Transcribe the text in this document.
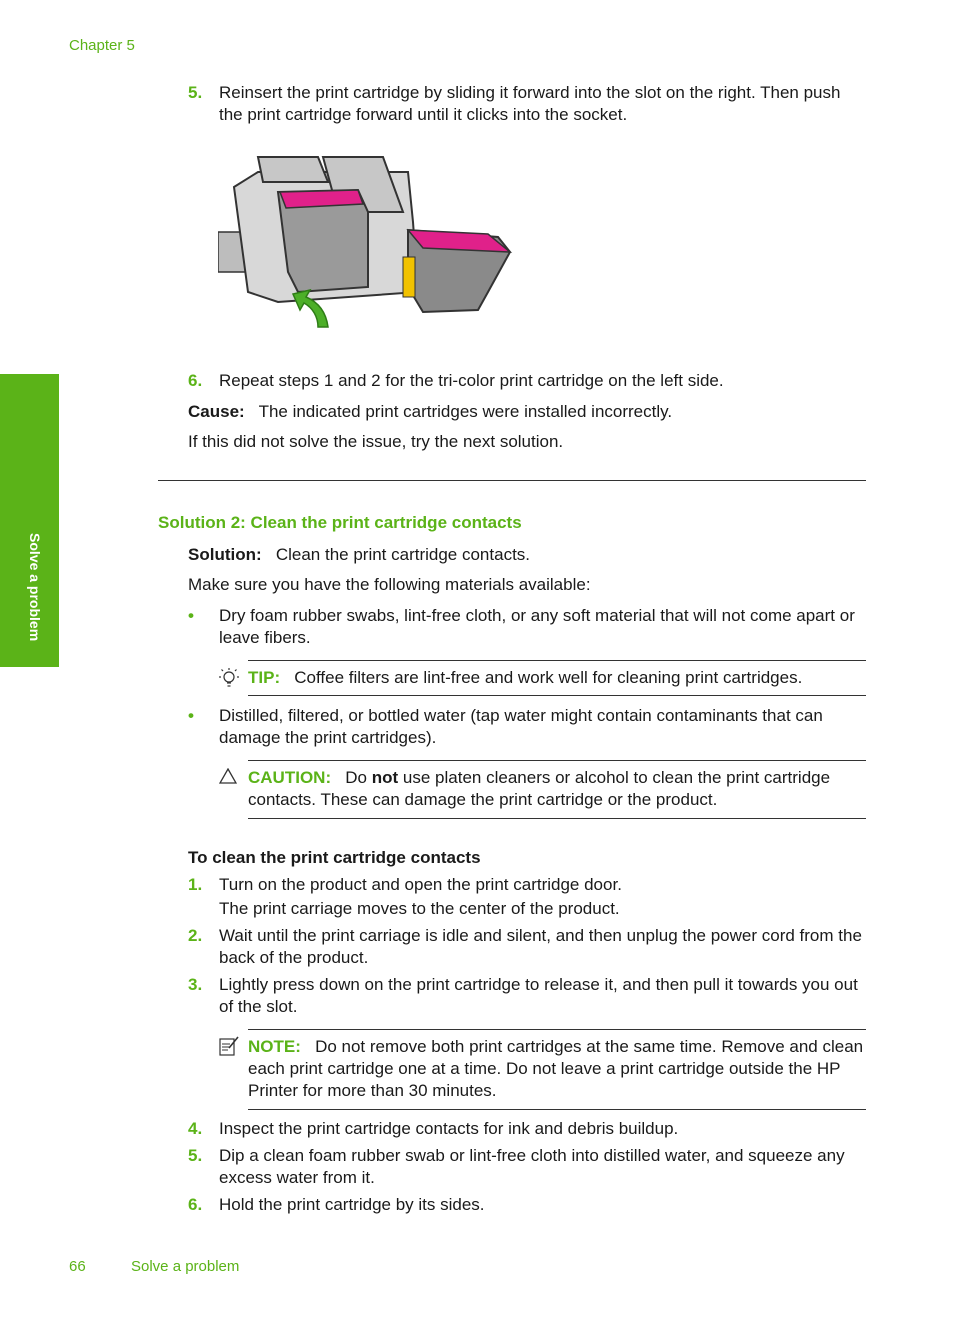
Chapter 5
Solve a problem
5. Reinsert the print cartridge by sliding it forward into the slot on the right. Then push the print cartridge forward until it clicks into the socket.
6. Repeat steps 1 and 2 for the tri-color print cartridge on the left side.
Cause: The indicated print cartridges were installed incorrectly.
If this did not solve the issue, try the next solution.
Solution 2: Clean the print cartridge contacts
Solution: Clean the print cartridge contacts.
Make sure you have the following materials available:
• Dry foam rubber swabs, lint-free cloth, or any soft material that will not come apart or leave fibers.
TIP: Coffee filters are lint-free and work well for cleaning print cartridges.
• Distilled, filtered, or bottled water (tap water might contain contaminants that can damage the print cartridges).
CAUTION: Do not use platen cleaners or alcohol to clean the print cartridge contacts. These can damage the print cartridge or the product.
To clean the print cartridge contacts
1. Turn on the product and open the print cartridge door.
The print carriage moves to the center of the product.
2. Wait until the print carriage is idle and silent, and then unplug the power cord from the back of the product.
3. Lightly press down on the print cartridge to release it, and then pull it towards you out of the slot.
NOTE: Do not remove both print cartridges at the same time. Remove and clean each print cartridge one at a time. Do not leave a print cartridge outside the HP Printer for more than 30 minutes.
4. Inspect the print cartridge contacts for ink and debris buildup.
5. Dip a clean foam rubber swab or lint-free cloth into distilled water, and squeeze any excess water from it.
6. Hold the print cartridge by its sides.
66	Solve a problem
